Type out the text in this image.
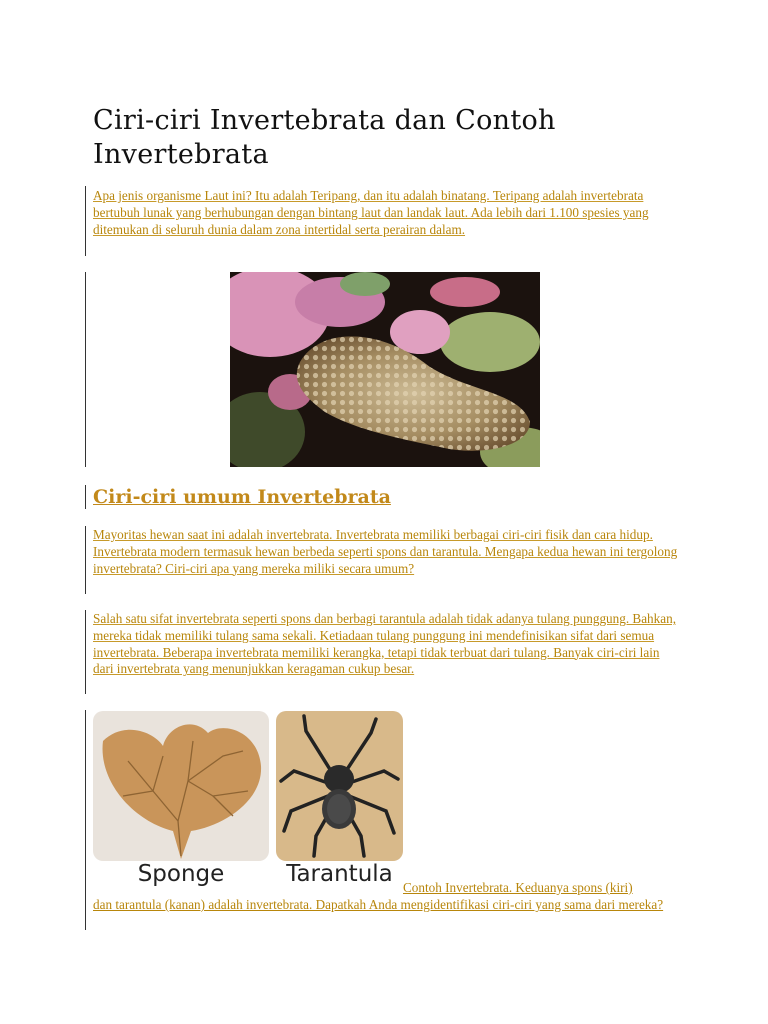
Ciri-ciri Invertebrata dan Contoh Invertebrata

Apa jenis organisme Laut ini? Itu adalah Teripang, dan itu adalah binatang. Teripang adalah invertebrata bertubuh lunak yang berhubungan dengan bintang laut dan landak laut. Ada lebih dari 1.100 spesies yang ditemukan di seluruh dunia dalam zona intertidal serta perairan dalam.

Ciri-ciri umum Invertebrata

Mayoritas hewan saat ini adalah invertebrata. Invertebrata memiliki berbagai ciri-ciri fisik dan cara hidup. Invertebrata modern termasuk hewan berbeda seperti spons dan tarantula. Mengapa kedua hewan ini tergolong invertebrata? Ciri-ciri apa yang mereka miliki secara umum?

Salah satu sifat invertebrata seperti spons dan berbagi tarantula adalah tidak adanya tulang punggung. Bahkan, mereka tidak memiliki tulang sama sekali. Ketiadaan tulang punggung ini mendefinisikan sifat dari semua invertebrata. Beberapa invertebrata memiliki kerangka, tetapi tidak terbuat dari tulang. Banyak ciri-ciri lain dari invertebrata yang menunjukkan keragaman cukup besar.

Sponge	Tarantula
Contoh Invertebrata. Keduanya spons (kiri)

dan tarantula (kanan) adalah invertebrata. Dapatkah Anda mengidentifikasi ciri-ciri yang sama dari mereka?
